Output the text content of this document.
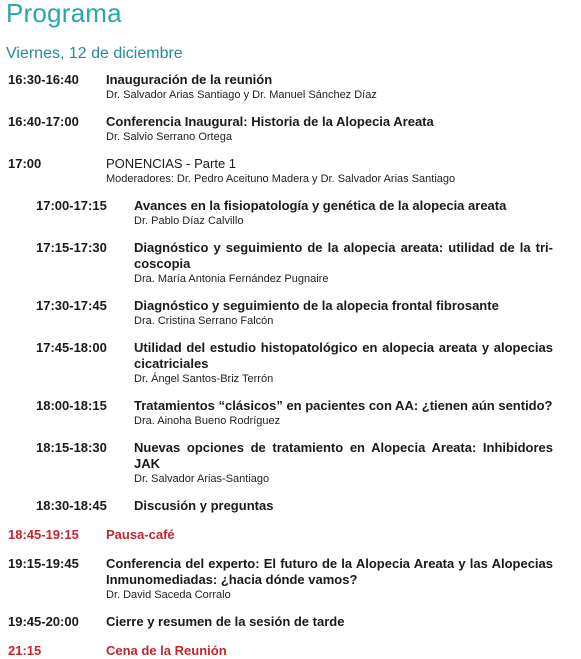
Programa
Viernes, 12 de diciembre
16:30-16:40	Inauguración de la reunión
Dr. Salvador Arias Santiago y Dr. Manuel Sánchez Díaz
16:40-17:00	Conferencia Inaugural: Historia de la Alopecia Areata
Dr. Salvio Serrano Ortega
17:00	PONENCIAS - Parte 1
Moderadores: Dr. Pedro Aceituno Madera y Dr. Salvador Arias Santiago
17:00-17:15	Avances en la fisiopatología y genética de la alopecia areata
Dr. Pablo Díaz Calvillo
17:15-17:30	Diagnóstico y seguimiento de la alopecia areata: utilidad de la tri-coscopia
Dra. María Antonia Fernández Pugnaire
17:30-17:45	Diagnóstico y seguimiento de la alopecia frontal fibrosante
Dra. Cristina Serrano Falcón
17:45-18:00	Utilidad del estudio histopatológico en alopecia areata y alopecias cicatriciales
Dr. Ángel Santos-Briz Terrón
18:00-18:15	Tratamientos “clásicos” en pacientes con AA: ¿tienen aún sentido?
Dra. Ainoha Bueno Rodríguez
18:15-18:30	Nuevas opciones de tratamiento en Alopecia Areata: Inhibidores JAK
Dr. Salvador Arias-Santiago
18:30-18:45	Discusión y preguntas
18:45-19:15	Pausa-café
19:15-19:45	Conferencia del experto: El futuro de la Alopecia Areata y las Alopecias Inmunomediadas: ¿hacia dónde vamos?
Dr. David Saceda Corralo
19:45-20:00	Cierre y resumen de la sesión de tarde
21:15	Cena de la Reunión
